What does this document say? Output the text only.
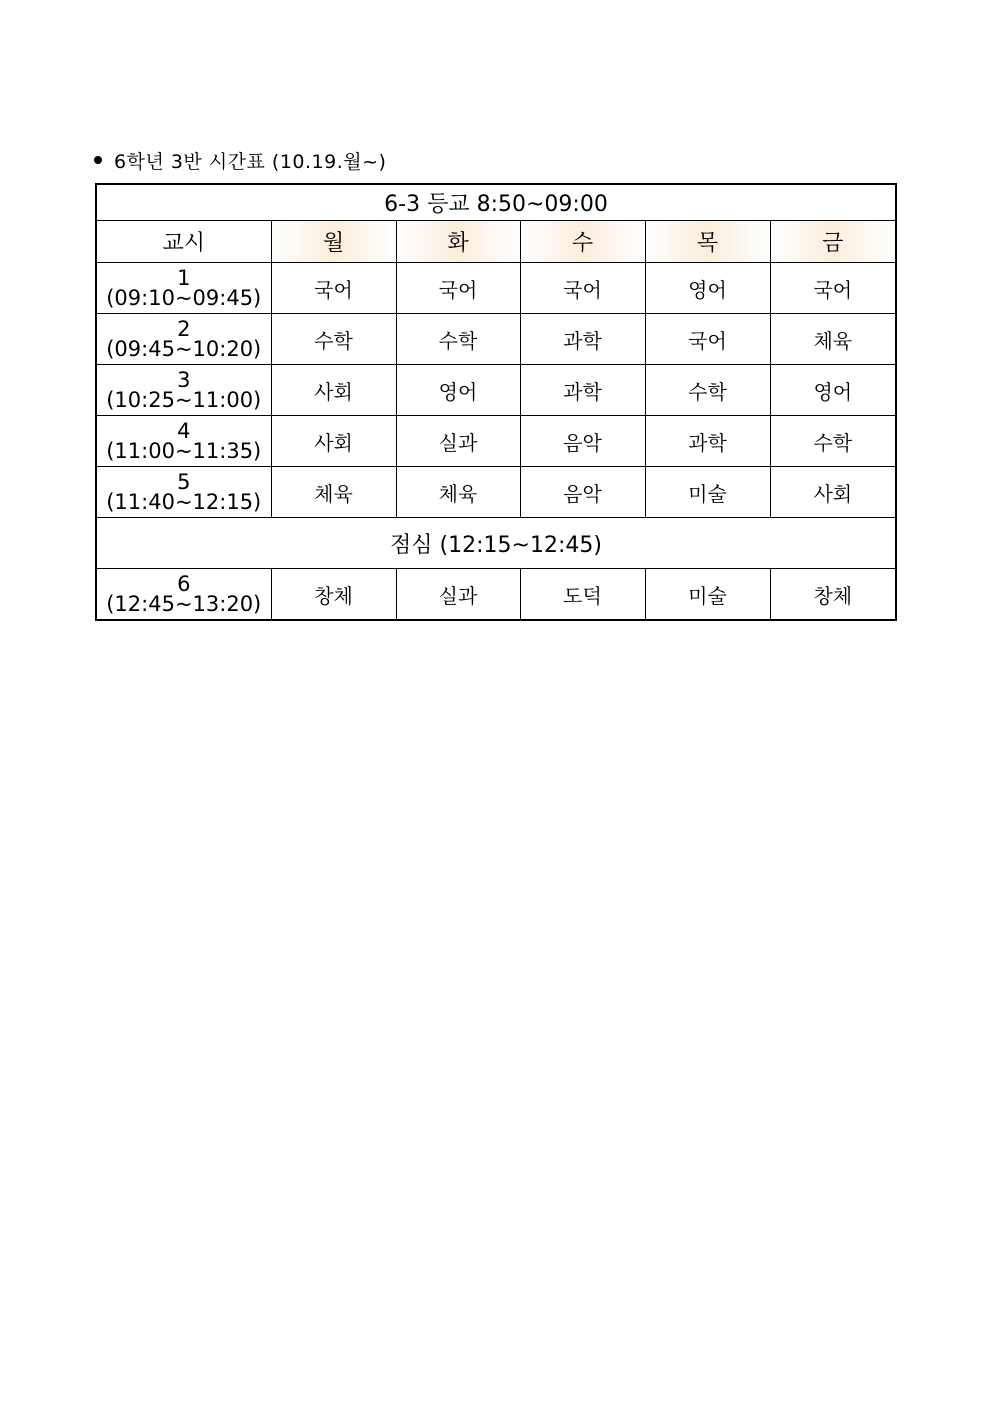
6학년 3반 시간표 (10.19.월~)
6-3 등교 8:50~09:00					
교시	월	화	수	목	금

1
(09:10~09:45)	국어	국어	국어	영어	국어

2
(09:45~10:20)	수학	수학	과학	국어	체육

3
(10:25~11:00)	사회	영어	과학	수학	영어

4
(11:00~11:35)	사회	실과	음악	과학	수학

5
(11:40~12:15)	체육	체육	음악	미술	사회
점심 (12:15~12:45)					

6
(12:45~13:20)	창체	실과	도덕	미술	창체
